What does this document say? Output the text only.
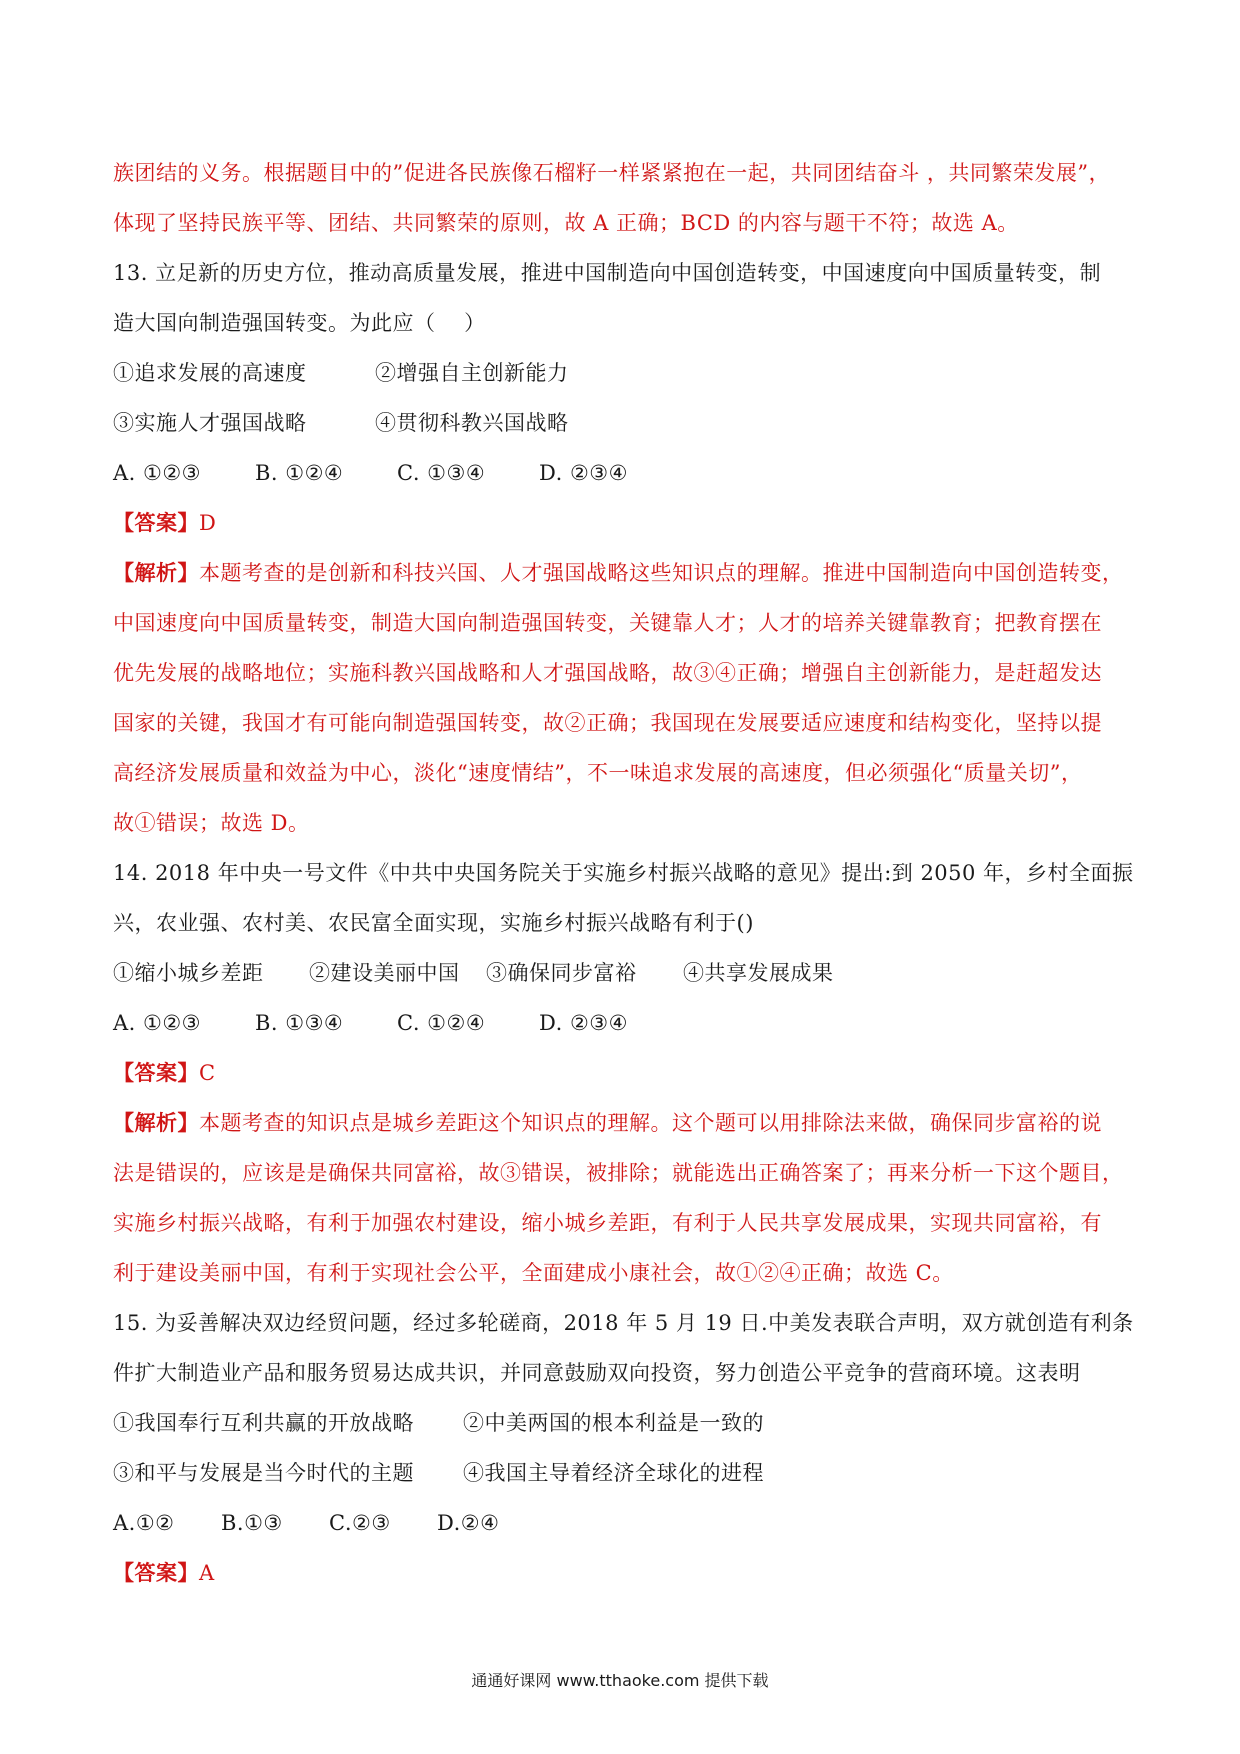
族团结的义务。根据题目中的”促进各民族像石榴籽一样紧紧抱在一起，共同团结奋斗 ，共同繁荣发展”，
体现了坚持民族平等、团结、共同繁荣的原则，故 A 正确；BCD 的内容与题干不符；故选 A。
13. 立足新的历史方位，推动高质量发展，推进中国制造向中国创造转变，中国速度向中国质量转变，制
造大国向制造强国转变。为此应（　 ）
①追求发展的高速度	②增强自主创新能力
③实施人才强国战略	④贯彻科教兴国战略
A. ①②③	B. ①②④	C. ①③④	D. ②③④
【答案】D
【解析】本题考查的是创新和科技兴国、人才强国战略这些知识点的理解。推进中国制造向中国创造转变，
中国速度向中国质量转变，制造大国向制造强国转变，关键靠人才；人才的培养关键靠教育；把教育摆在
优先发展的战略地位；实施科教兴国战略和人才强国战略，故③④正确；增强自主创新能力，是赶超发达
国家的关键，我国才有可能向制造强国转变，故②正确；我国现在发展要适应速度和结构变化，坚持以提
高经济发展质量和效益为中心，淡化“速度情结”，不一味追求发展的高速度，但必须强化“质量关切”，
故①错误；故选 D。
14. 2018 年中央一号文件《中共中央国务院关于实施乡村振兴战略的意见》提出:到 2050 年，乡村全面振
兴，农业强、农村美、农民富全面实现，实施乡村振兴战略有利于()
①缩小城乡差距 ②建设美丽中国 ③确保同步富裕 ④共享发展成果
A. ①②③	B. ①③④	C. ①②④	D. ②③④
【答案】C
【解析】本题考查的知识点是城乡差距这个知识点的理解。这个题可以用排除法来做，确保同步富裕的说
法是错误的，应该是是确保共同富裕，故③错误，被排除；就能选出正确答案了；再来分析一下这个题目，
实施乡村振兴战略，有利于加强农村建设，缩小城乡差距，有利于人民共享发展成果，实现共同富裕，有
利于建设美丽中国，有利于实现社会公平，全面建成小康社会，故①②④正确；故选 C。
15. 为妥善解决双边经贸问题，经过多轮磋商，2018 年 5 月 19 日.中美发表联合声明，双方就创造有利条
件扩大制造业产品和服务贸易达成共识，并同意鼓励双向投资，努力创造公平竞争的营商环境。这表明
①我国奉行互利共赢的开放战略 ②中美两国的根本利益是一致的
③和平与发展是当今时代的主题 ④我国主导着经济全球化的进程
A.①② B.①③ C.②③ D.②④
【答案】A
通通好课网 www.tthaoke.com 提供下载
